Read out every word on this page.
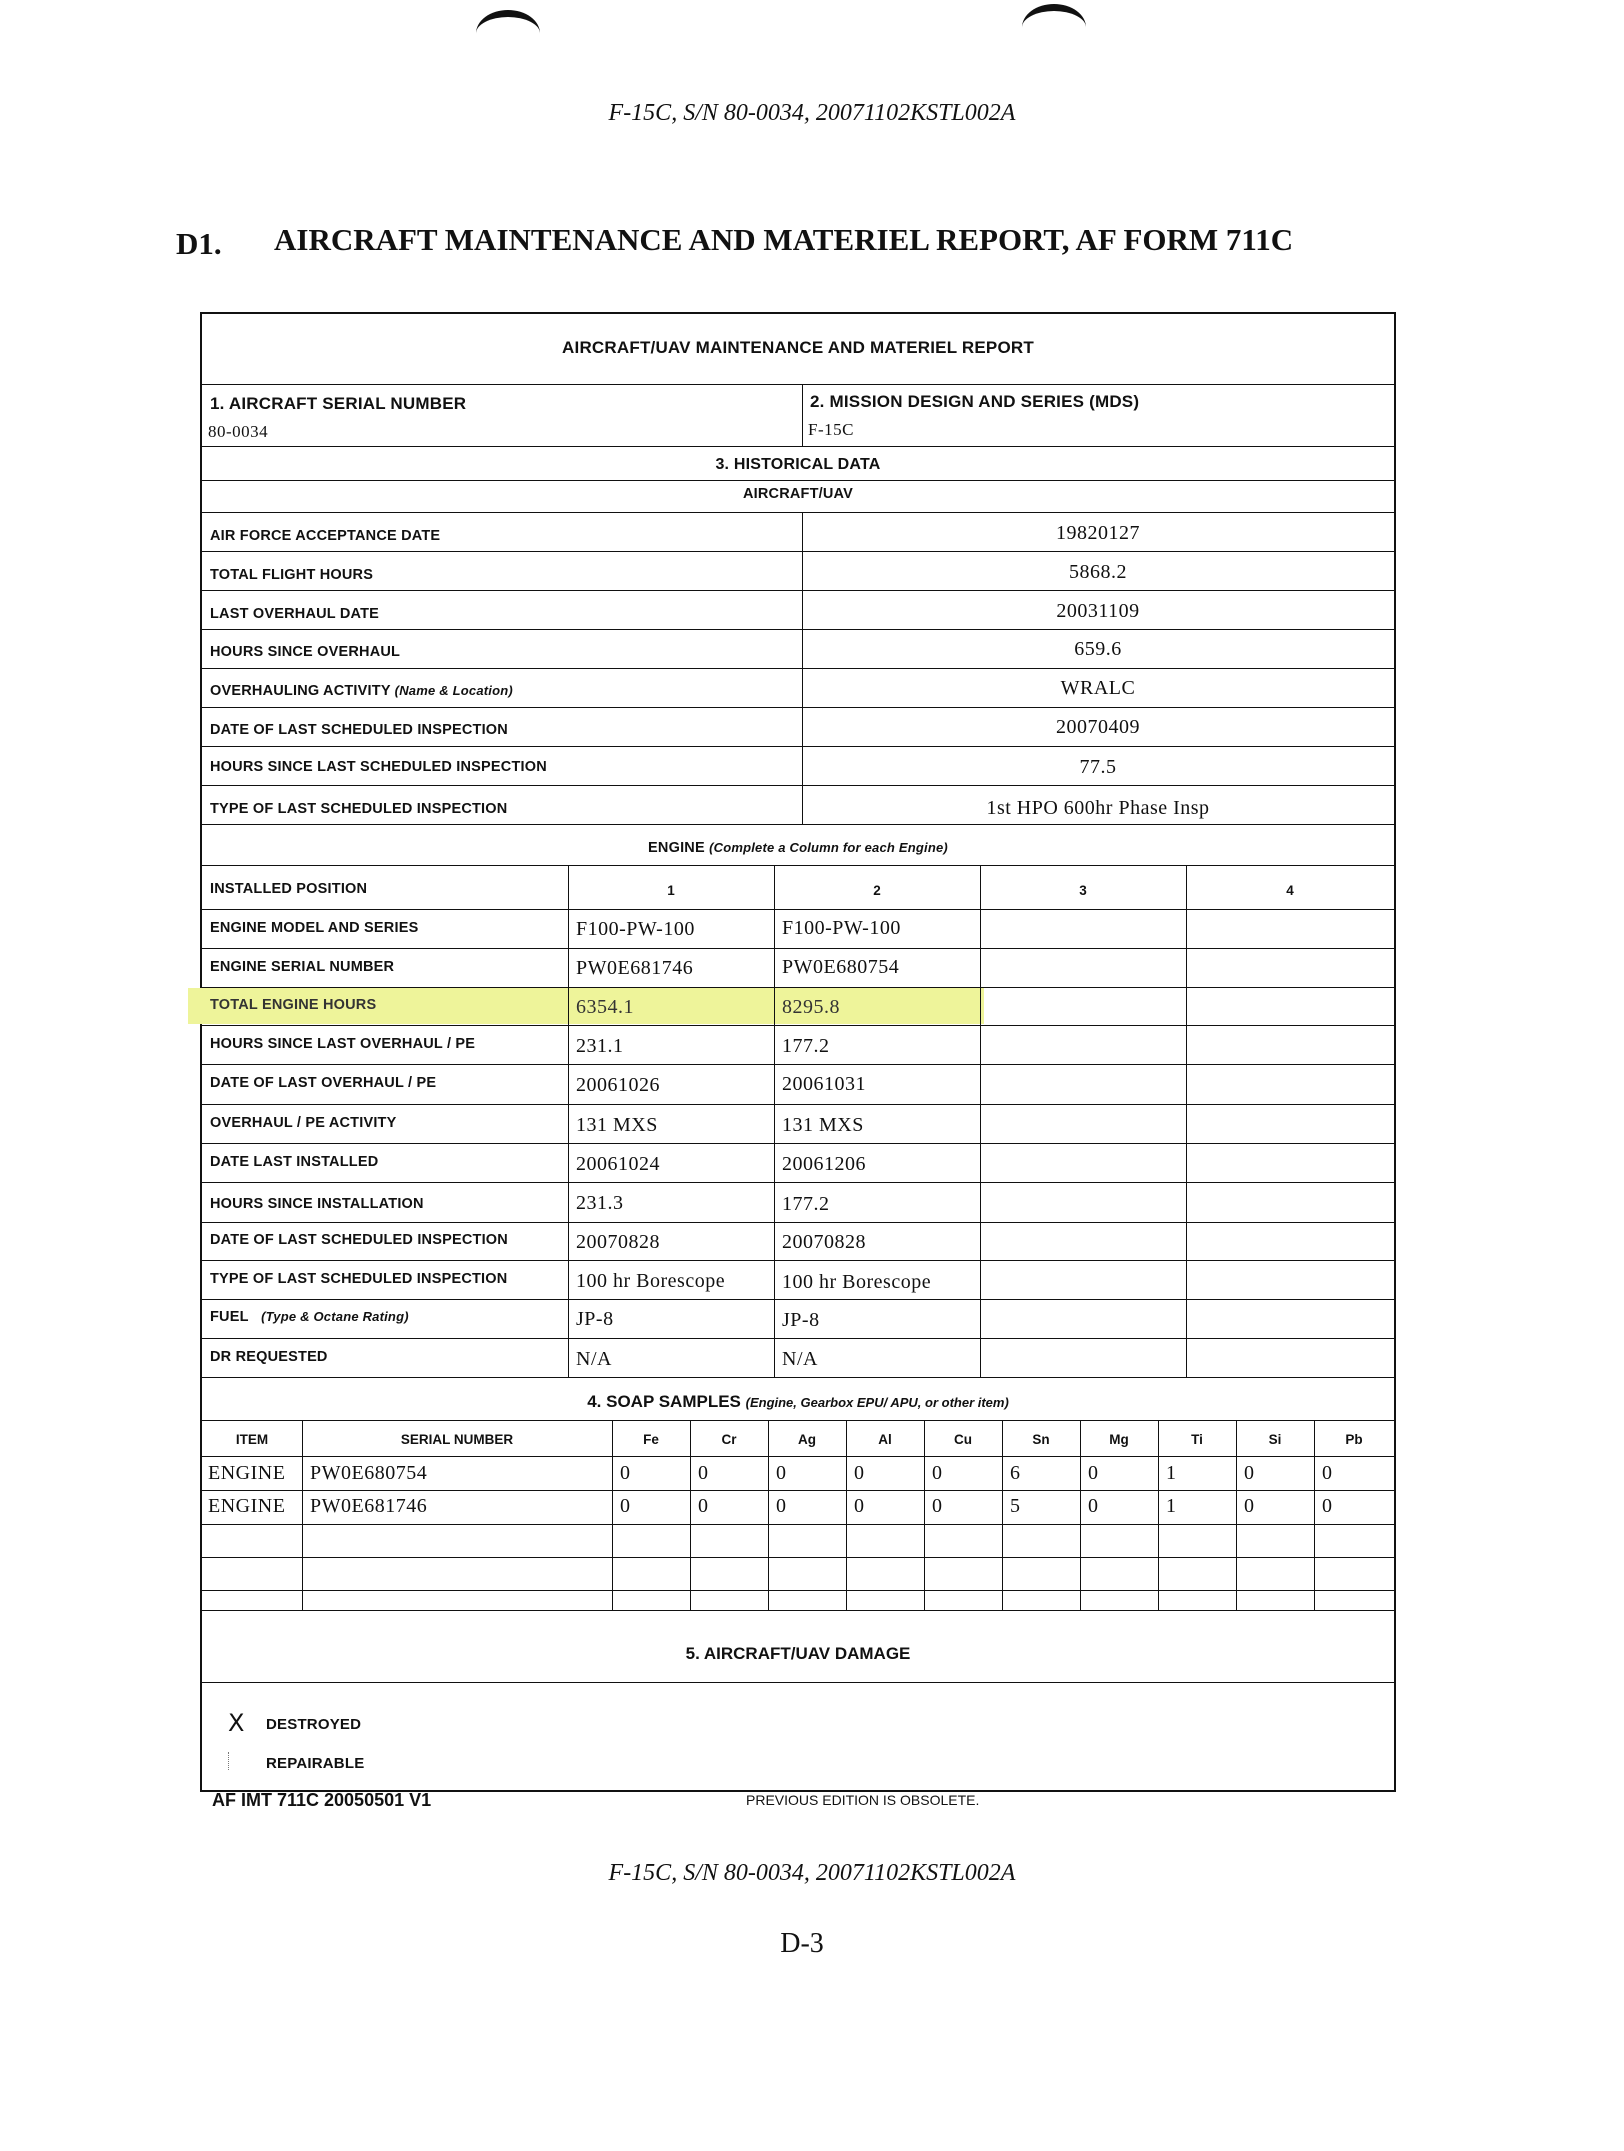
F-15C, S/N 80-0034, 20071102KSTL002A
D1. AIRCRAFT MAINTENANCE AND MATERIEL REPORT, AF FORM 711C
AIRCRAFT/UAV MAINTENANCE AND MATERIEL REPORT
1. AIRCRAFT SERIAL NUMBER
80-0034
2. MISSION DESIGN AND SERIES (MDS)
F-15C
3. HISTORICAL DATA
AIRCRAFT/UAV
AIR FORCE ACCEPTANCE DATE	19820127
TOTAL FLIGHT HOURS	5868.2
LAST OVERHAUL DATE	20031109
HOURS SINCE OVERHAUL	659.6
OVERHAULING ACTIVITY (Name & Location)	WRALC
DATE OF LAST SCHEDULED INSPECTION	20070409
HOURS SINCE LAST SCHEDULED INSPECTION	77.5
TYPE OF LAST SCHEDULED INSPECTION	1st HPO 600hr Phase Insp
ENGINE (Complete a Column for each Engine)
INSTALLED POSITION	1	2	3	4
ENGINE MODEL AND SERIES	F100-PW-100	F100-PW-100
ENGINE SERIAL NUMBER	PW0E681746	PW0E680754
TOTAL ENGINE HOURS	6354.1	8295.8
HOURS SINCE LAST OVERHAUL / PE	231.1	177.2
DATE OF LAST OVERHAUL / PE	20061026	20061031
OVERHAUL / PE ACTIVITY	131 MXS	131 MXS
DATE LAST INSTALLED	20061024	20061206
HOURS SINCE INSTALLATION	231.3	177.2
DATE OF LAST SCHEDULED INSPECTION	20070828	20070828
TYPE OF LAST SCHEDULED INSPECTION	100 hr Borescope	100 hr Borescope
FUEL (Type & Octane Rating)	JP-8	JP-8
DR REQUESTED	N/A	N/A
4. SOAP SAMPLES (Engine, Gearbox EPU/ APU, or other item)
ITEM	SERIAL NUMBER	Fe	Cr	Ag	Al	Cu	Sn	Mg	Ti	Si	Pb
ENGINE PW0E680754	0	0	0	0	0	6	0	1	0	0
ENGINE PW0E681746	0	0	0	0	0	5	0	1	0	0
5. AIRCRAFT/UAV DAMAGE
X DESTROYED
REPAIRABLE
AF IMT 711C 20050501 V1	PREVIOUS EDITION IS OBSOLETE.
F-15C, S/N 80-0034, 20071102KSTL002A
D-3
